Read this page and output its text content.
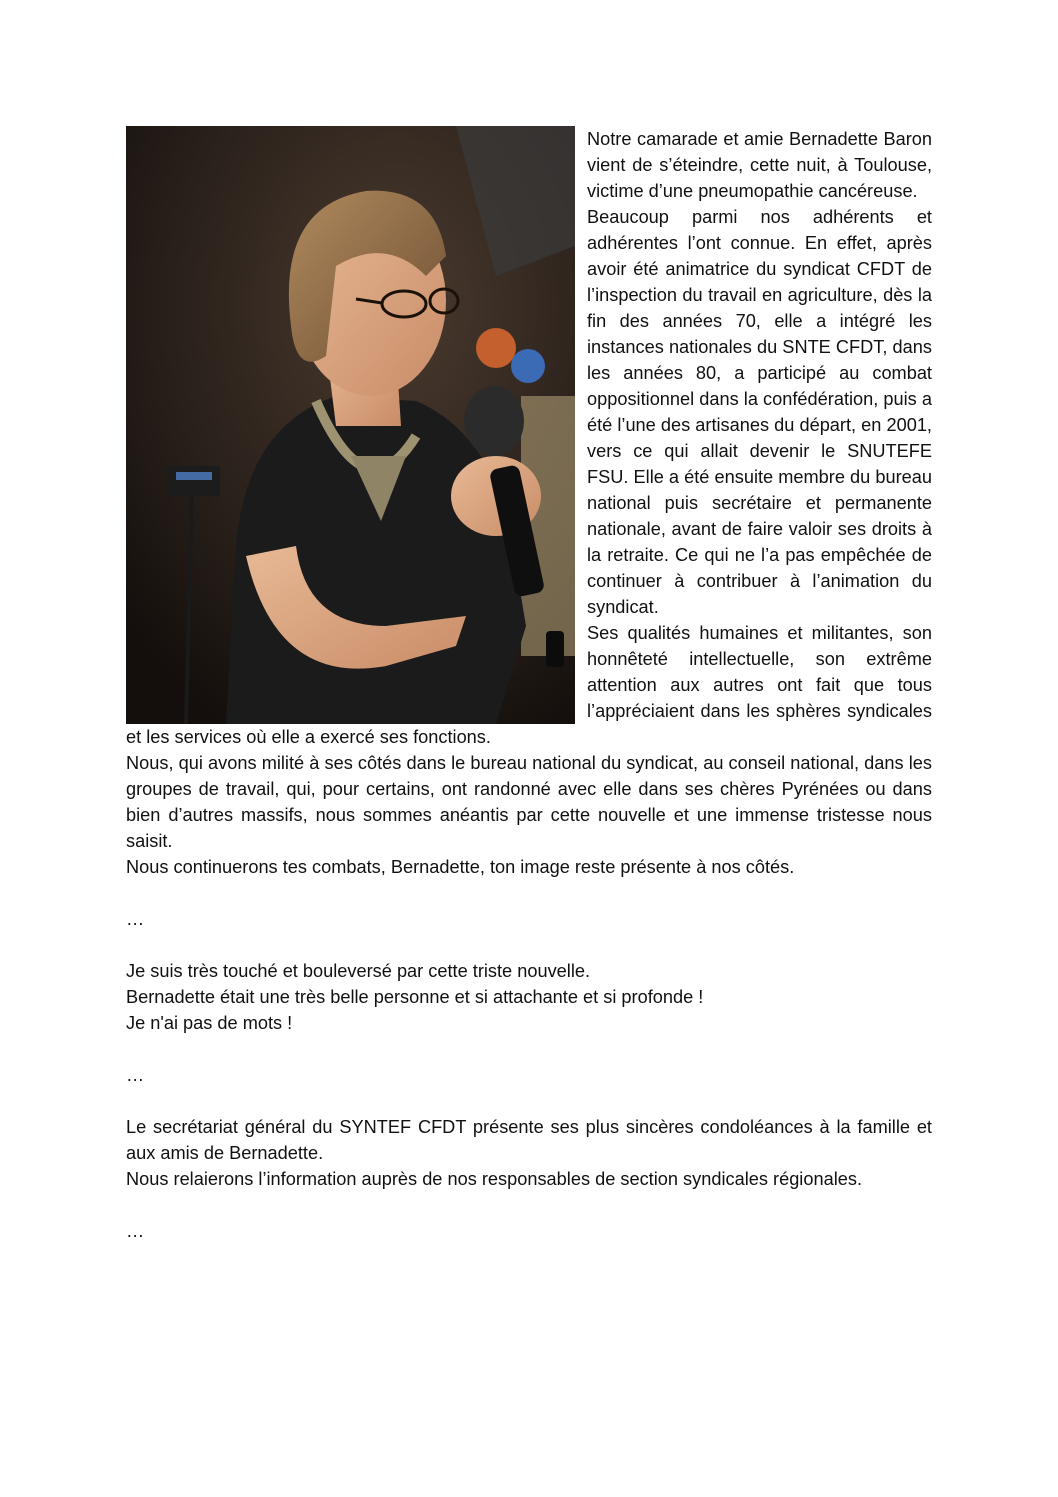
Notre camarade et amie Bernadette Baron vient de s’éteindre, cette nuit, à Toulouse, victime d’une pneumopathie cancéreuse.

Beaucoup parmi nos adhérents et adhérentes l’ont connue. En effet, après avoir été animatrice du syndicat CFDT de l’inspection du travail en agriculture, dès la fin des années 70, elle a intégré les instances nationales du SNTE CFDT, dans les années 80, a participé au combat oppositionnel dans la confédération, puis a été l’une des artisanes du départ, en 2001, vers ce qui allait devenir le SNUTEFE FSU. Elle a été ensuite membre du bureau national puis secrétaire et permanente nationale, avant de faire valoir ses droits à la retraite. Ce qui ne l’a pas empêchée de continuer à contribuer à l’animation du syndicat.

Ses qualités humaines et militantes, son honnêteté intellectuelle, son extrême attention aux autres ont fait que tous l’appréciaient dans les sphères syndicales et les services où elle a exercé ses fonctions.

Nous, qui avons milité à ses côtés dans le bureau national du syndicat, au conseil national, dans les groupes de travail, qui, pour certains, ont randonné avec elle dans ses chères Pyrénées ou dans bien d’autres massifs, nous sommes anéantis par cette nouvelle et une immense tristesse nous saisit.

Nous continuerons tes combats, Bernadette, ton image reste présente à nos côtés.

…

Je suis très touché et bouleversé par cette triste nouvelle.

Bernadette était une très belle personne et si attachante et si profonde !

Je n'ai pas de mots !

…

Le secrétariat général du SYNTEF CFDT présente ses plus sincères condoléances à la famille et aux amis de Bernadette.

Nous relaierons l’information auprès de nos responsables de section syndicales régionales.

…
